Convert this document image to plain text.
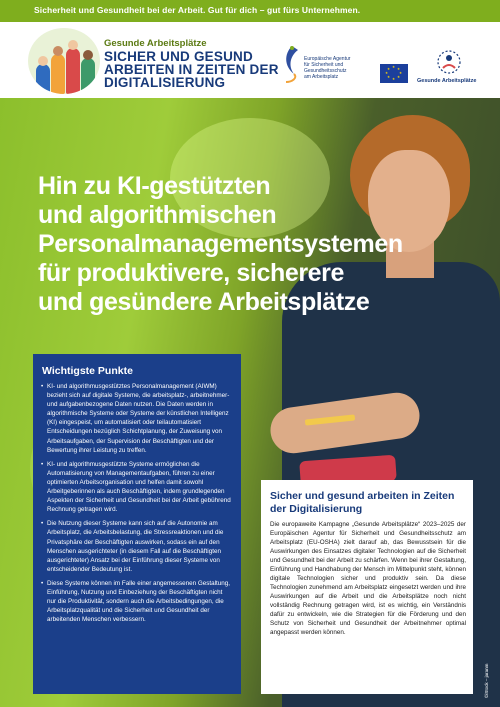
Sicherheit und Gesundheit bei der Arbeit. Gut für dich – gut fürs Unternehmen.
Gesunde Arbeitsplätze
SICHER UND GESUND
ARBEITEN IN ZEITEN DER
DIGITALISIERUNG
Europäische Agentur
für Sicherheit und Gesundheitsschutz
am Arbeitsplatz
★ ★
★
★
★
★
★
★
Gesunde Arbeitsplätze
Hin zu KI-gestützten
und algorithmischen
Personalmanagementsystemen
für produktivere, sicherere
und gesündere Arbeitsplätze
Wichtigste Punkte
• KI- und algorithmusgestütztes Personalmanagement (AIWM) bezieht sich auf digitale Systeme, die arbeitsplatz-, arbeitnehmer- und aufgabenbezogene Daten nutzen. Die Daten werden in algorithmische Systeme oder Systeme der künstlichen Intelligenz (KI) eingespeist, um automatisiert oder teilautomatisiert Entscheidungen bezüglich Schichtplanung, der Zuweisung von Arbeitsaufgaben, der Supervision der Beschäftigten und der Bewertung ihrer Leistung zu treffen.
• KI- und algorithmusgestützte Systeme ermöglichen die Automatisierung von Managementaufgaben, führen zu einer optimierten Arbeitsorganisation und helfen damit sowohl Arbeitgeberinnen als auch Beschäftigten, indem grundlegenden Aspekten der Sicherheit und Gesundheit bei der Arbeit gebührend Rechnung getragen wird.
• Die Nutzung dieser Systeme kann sich auf die Autonomie am Arbeitsplatz, die Arbeitsbelastung, die Stressreaktionen und die Privatsphäre der Beschäftigten auswirken, sodass ein auf den Menschen ausgerichteter (in diesem Fall auf die Beschäftigten ausgerichteter) Ansatz bei der Einführung dieser Systeme von entscheidender Bedeutung ist.
• Diese Systeme können im Falle einer angemessenen Gestaltung, Einführung, Nutzung und Einbeziehung der Beschäftigten nicht nur die Produktivität, sondern auch die Arbeitsbedingungen, die Arbeitsplatzqualität und die Sicherheit und Gesundheit der arbeitenden Menschen verbessern.
Sicher und gesund arbeiten in Zeiten der Digitalisierung
Die europaweite Kampagne „Gesunde Arbeitsplätze“ 2023–2025 der Europäischen Agentur für Sicherheit und Gesundheitsschutz am Arbeitsplatz (EU-OSHA) zielt darauf ab, das Bewusstsein für die Auswirkungen des Einsatzes digitaler Technologien auf die Sicherheit und Gesundheit bei der Arbeit zu schärfen. Wenn bei ihrer Gestaltung, Einführung und Handhabung der Mensch im Mittelpunkt steht, können digitale Technologien sicher und produktiv sein. Da diese Technologien zunehmend am Arbeitsplatz eingesetzt werden und ihre Auswirkungen auf die Arbeit und die Arbeitsplätze noch nicht vollständig Rechnung getragen wird, ist es wichtig, ein Verständnis dafür zu entwickeln, wie die Strategien für die Förderung und den Schutz von Sicherheit und Gesundheit der Arbeitnehmer optimal angepasst werden können.
©iStock – jaranm
